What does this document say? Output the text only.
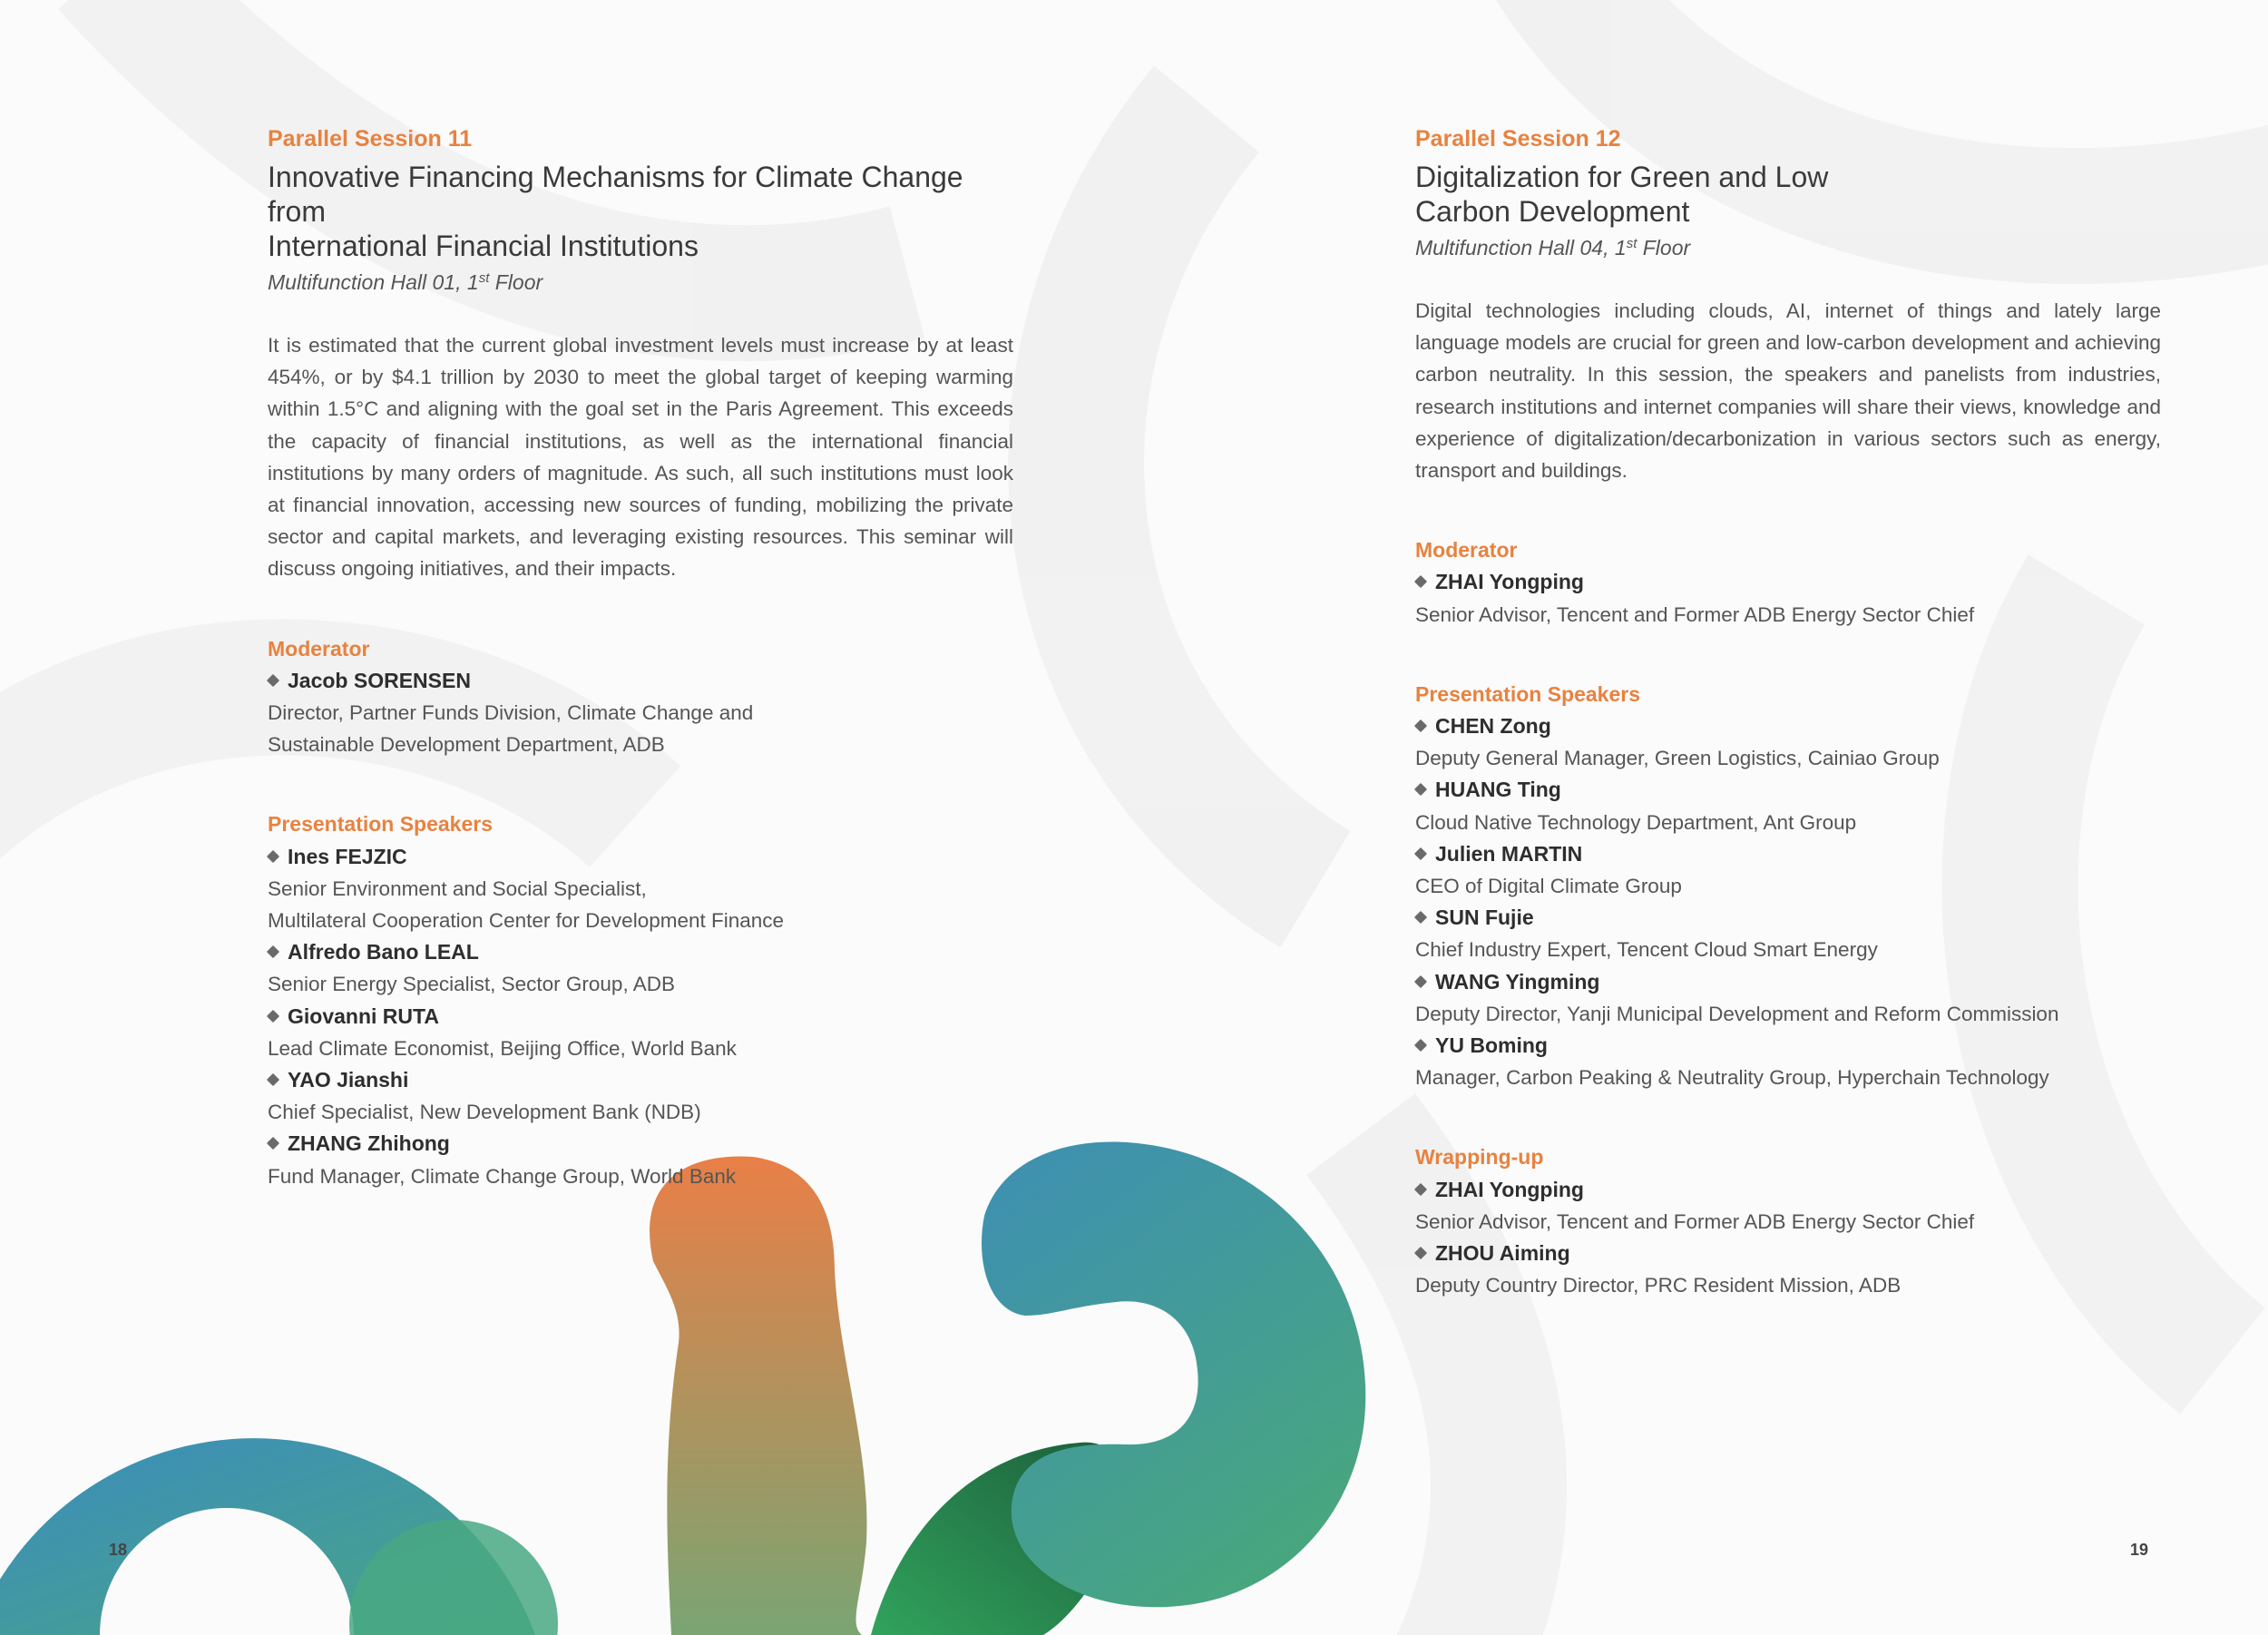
Parallel Session 11
Innovative Financing Mechanisms for Climate Change from
International Financial Institutions
Multifunction Hall 01, 1st Floor
It is estimated that the current global investment levels must increase by at least 454%, or by $4.1 trillion by 2030 to meet the global target of keeping warming within 1.5°C and aligning with the goal set in the Paris Agreement. This exceeds the capacity of financial institutions, as well as the international financial institutions by many orders of magnitude. As such, all such institutions must look at financial innovation, accessing new sources of funding, mobilizing the private sector and capital markets, and leveraging existing resources. This seminar will discuss ongoing initiatives, and their impacts.
Moderator
Jacob SORENSEN
Director, Partner Funds Division, Climate Change and
Sustainable Development Department, ADB
Presentation Speakers
Ines FEJZIC
Senior Environment and Social Specialist,
Multilateral Cooperation Center for Development Finance
Alfredo Bano LEAL
Senior Energy Specialist, Sector Group, ADB
Giovanni RUTA
Lead Climate Economist, Beijing Office, World Bank
YAO Jianshi
Chief Specialist, New Development Bank (NDB)
ZHANG Zhihong
Fund Manager, Climate Change Group, World Bank
Parallel Session 12
Digitalization for Green and Low
Carbon Development
Multifunction Hall 04, 1st Floor
Digital technologies including clouds, AI, internet of things and lately large language models are crucial for green and low-carbon development and achieving carbon neutrality. In this session, the speakers and panelists from industries, research institutions and internet companies will share their views, knowledge and experience of digitalization/decarbonization in various sectors such as energy, transport and buildings.
Moderator
ZHAI Yongping
Senior Advisor, Tencent and Former ADB Energy Sector Chief
Presentation Speakers
CHEN Zong
Deputy General Manager, Green Logistics, Cainiao Group
HUANG Ting
Cloud Native Technology Department, Ant Group
Julien MARTIN
CEO of Digital Climate Group
SUN Fujie
Chief Industry Expert, Tencent Cloud Smart Energy
WANG Yingming
Deputy Director, Yanji Municipal Development and Reform Commission
YU Boming
Manager, Carbon Peaking & Neutrality Group, Hyperchain Technology
Wrapping-up
ZHAI Yongping
Senior Advisor, Tencent and Former ADB Energy Sector Chief
ZHOU Aiming
Deputy Country Director, PRC Resident Mission, ADB
18	19
